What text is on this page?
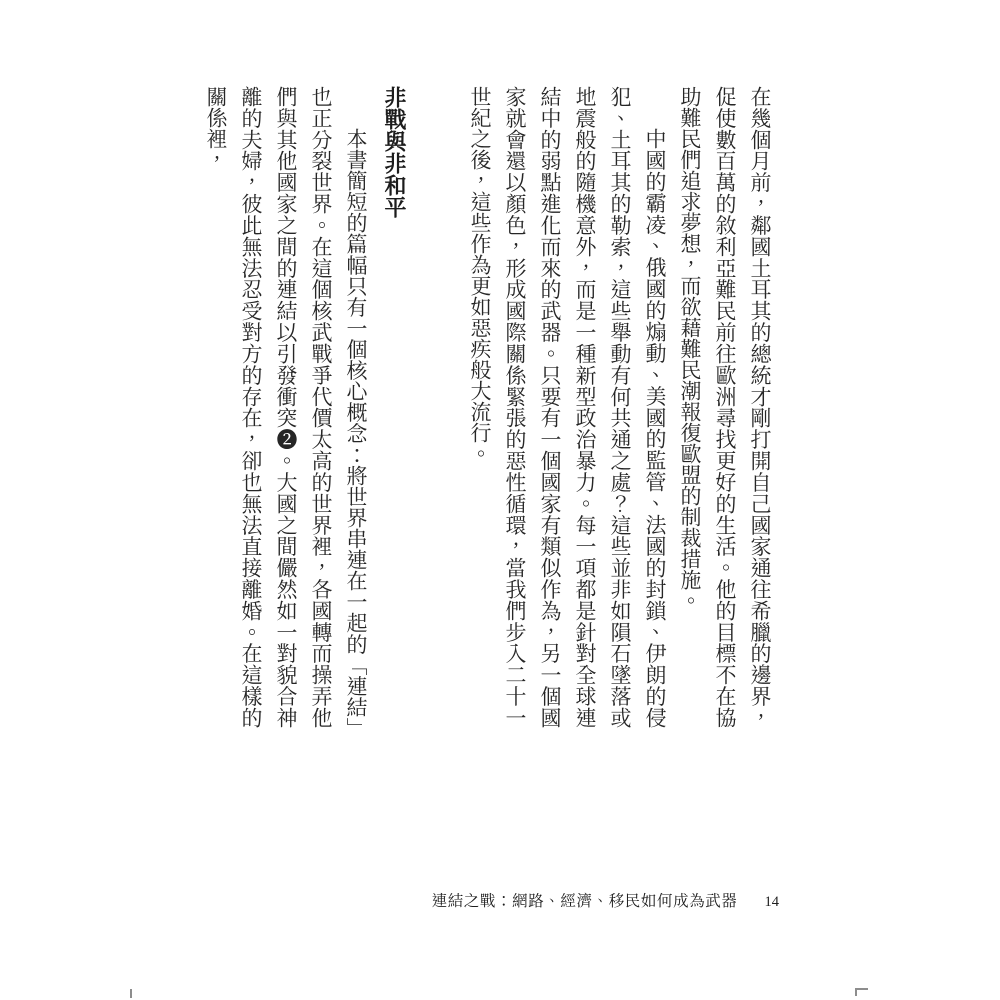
在幾個月前，鄰國土耳其的總統才剛打開自己國家通往希臘的邊界，促使數百萬的敘利亞難民前往歐洲尋找更好的生活。他的目標不在協助難民們追求夢想，而欲藉難民潮報復歐盟的制裁措施。

中國的霸凌、俄國的煽動、美國的監管、法國的封鎖、伊朗的侵犯、土耳其的勒索，這些舉動有何共通之處？這些並非如隕石墜落或地震般的隨機意外，而是一種新型政治暴力。每一項都是針對全球連結中的弱點進化而來的武器。只要有一個國家有類似作為，另一個國家就會還以顏色，形成國際關係緊張的惡性循環，當我們步入二十一世紀之後，這些作為更如惡疾般大流行。

非戰與非和平

本書簡短的篇幅只有一個核心概念：將世界串連在一起的「連結」也正分裂世界。在這個核武戰爭代價太高的世界裡，各國轉而操弄他們與其他國家之間的連結以引發衝突❷。大國之間儼然如一對貌合神離的夫婦，彼此無法忍受對方的存在，卻也無法直接離婚。在這樣的關係裡，

連結之戰：網路、經濟、移民如何成為武器 14
